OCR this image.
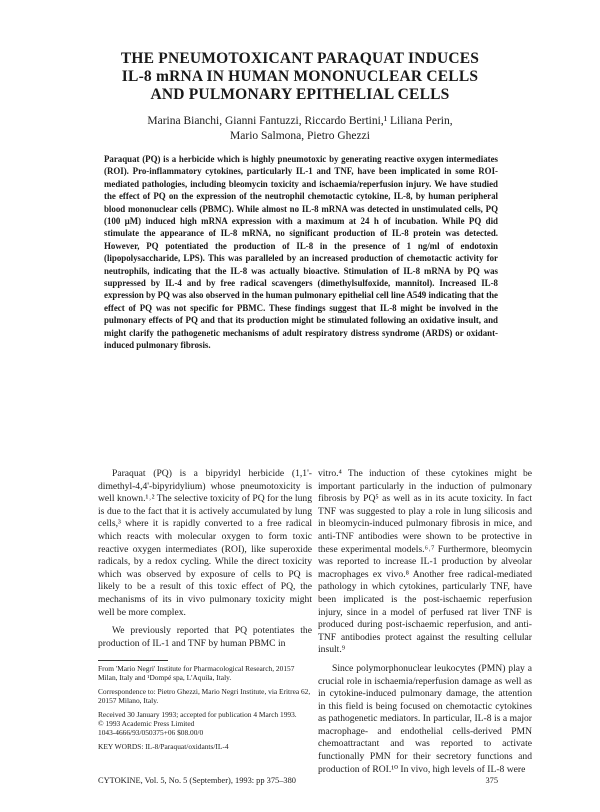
THE PNEUMOTOXICANT PARAQUAT INDUCES
IL-8 mRNA IN HUMAN MONONUCLEAR CELLS
AND PULMONARY EPITHELIAL CELLS
Marina Bianchi, Gianni Fantuzzi, Riccardo Bertini,¹ Liliana Perin,
Mario Salmona, Pietro Ghezzi

Paraquat (PQ) is a herbicide which is highly pneumotoxic by generating reactive oxygen intermediates (ROI). Pro-inflammatory cytokines, particularly IL-1 and TNF, have been implicated in some ROI-mediated pathologies, including bleomycin toxicity and ischaemia/reperfusion injury. We have studied the effect of PQ on the expression of the neutrophil chemotactic cytokine, IL-8, by human peripheral blood mononuclear cells (PBMC). While almost no IL-8 mRNA was detected in unstimulated cells, PQ (100 µM) induced high mRNA expression with a maximum at 24 h of incubation. While PQ did stimulate the appearance of IL-8 mRNA, no significant production of IL-8 protein was detected. However, PQ potentiated the production of IL-8 in the presence of 1 ng/ml of endotoxin (lipopolysaccharide, LPS). This was paralleled by an increased production of chemotactic activity for neutrophils, indicating that the IL-8 was actually bioactive. Stimulation of IL-8 mRNA by PQ was suppressed by IL-4 and by free radical scavengers (dimethylsulfoxide, mannitol). Increased IL-8 expression by PQ was also observed in the human pulmonary epithelial cell line A549 indicating that the effect of PQ was not specific for PBMC. These findings suggest that IL-8 might be involved in the pulmonary effects of PQ and that its production might be stimulated following an oxidative insult, and might clarify the pathogenetic mechanisms of adult respiratory distress syndrome (ARDS) or oxidant-induced pulmonary fibrosis.

Paraquat (PQ) is a bipyridyl herbicide (1,1'-dimethyl-4,4'-bipyridylium) whose pneumotoxicity is well known.¹˒² The selective toxicity of PQ for the lung is due to the fact that it is actively accumulated by lung cells,³ where it is rapidly converted to a free radical which reacts with molecular oxygen to form toxic reactive oxygen intermediates (ROI), like superoxide radicals, by a redox cycling. While the direct toxicity which was observed by exposure of cells to PQ is likely to be a result of this toxic effect of PQ, the mechanisms of its in vivo pulmonary toxicity might well be more complex.

We previously reported that PQ potentiates the production of IL-1 and TNF by human PBMC in

From 'Mario Negri' Institute for Pharmacological Research, 20157 Milan, Italy and ¹Dompé spa, L'Aquila, Italy.

Correspondence to: Pietro Ghezzi, Mario Negri Institute, via Eritrea 62, 20157 Milano, Italy.

Received 30 January 1993; accepted for publication 4 March 1993.

© 1993 Academic Press Limited

1043-4666/93/050375+06 $08.00/0

KEY WORDS: IL-8/Paraquat/oxidants/IL-4

vitro.⁴ The induction of these cytokines might be important particularly in the induction of pulmonary fibrosis by PQ⁵ as well as in its acute toxicity. In fact TNF was suggested to play a role in lung silicosis and in bleomycin-induced pulmonary fibrosis in mice, and anti-TNF antibodies were shown to be protective in these experimental models.⁶˒⁷ Furthermore, bleomycin was reported to increase IL-1 production by alveolar macrophages ex vivo.⁸ Another free radical-mediated pathology in which cytokines, particularly TNF, have been implicated is the post-ischaemic reperfusion injury, since in a model of perfused rat liver TNF is produced during post-ischaemic reperfusion, and anti-TNF antibodies protect against the resulting cellular insult.⁹

Since polymorphonuclear leukocytes (PMN) play a crucial role in ischaemia/reperfusion damage as well as in cytokine-induced pulmonary damage, the attention in this field is being focused on chemotactic cytokines as pathogenetic mediators. In particular, IL-8 is a major macrophage- and endothelial cells-derived PMN chemoattractant and was reported to activate functionally PMN for their secretory functions and production of ROI.¹⁰ In vivo, high levels of IL-8 were

CYTOKINE, Vol. 5, No. 5 (September), 1993: pp 375–380	375
